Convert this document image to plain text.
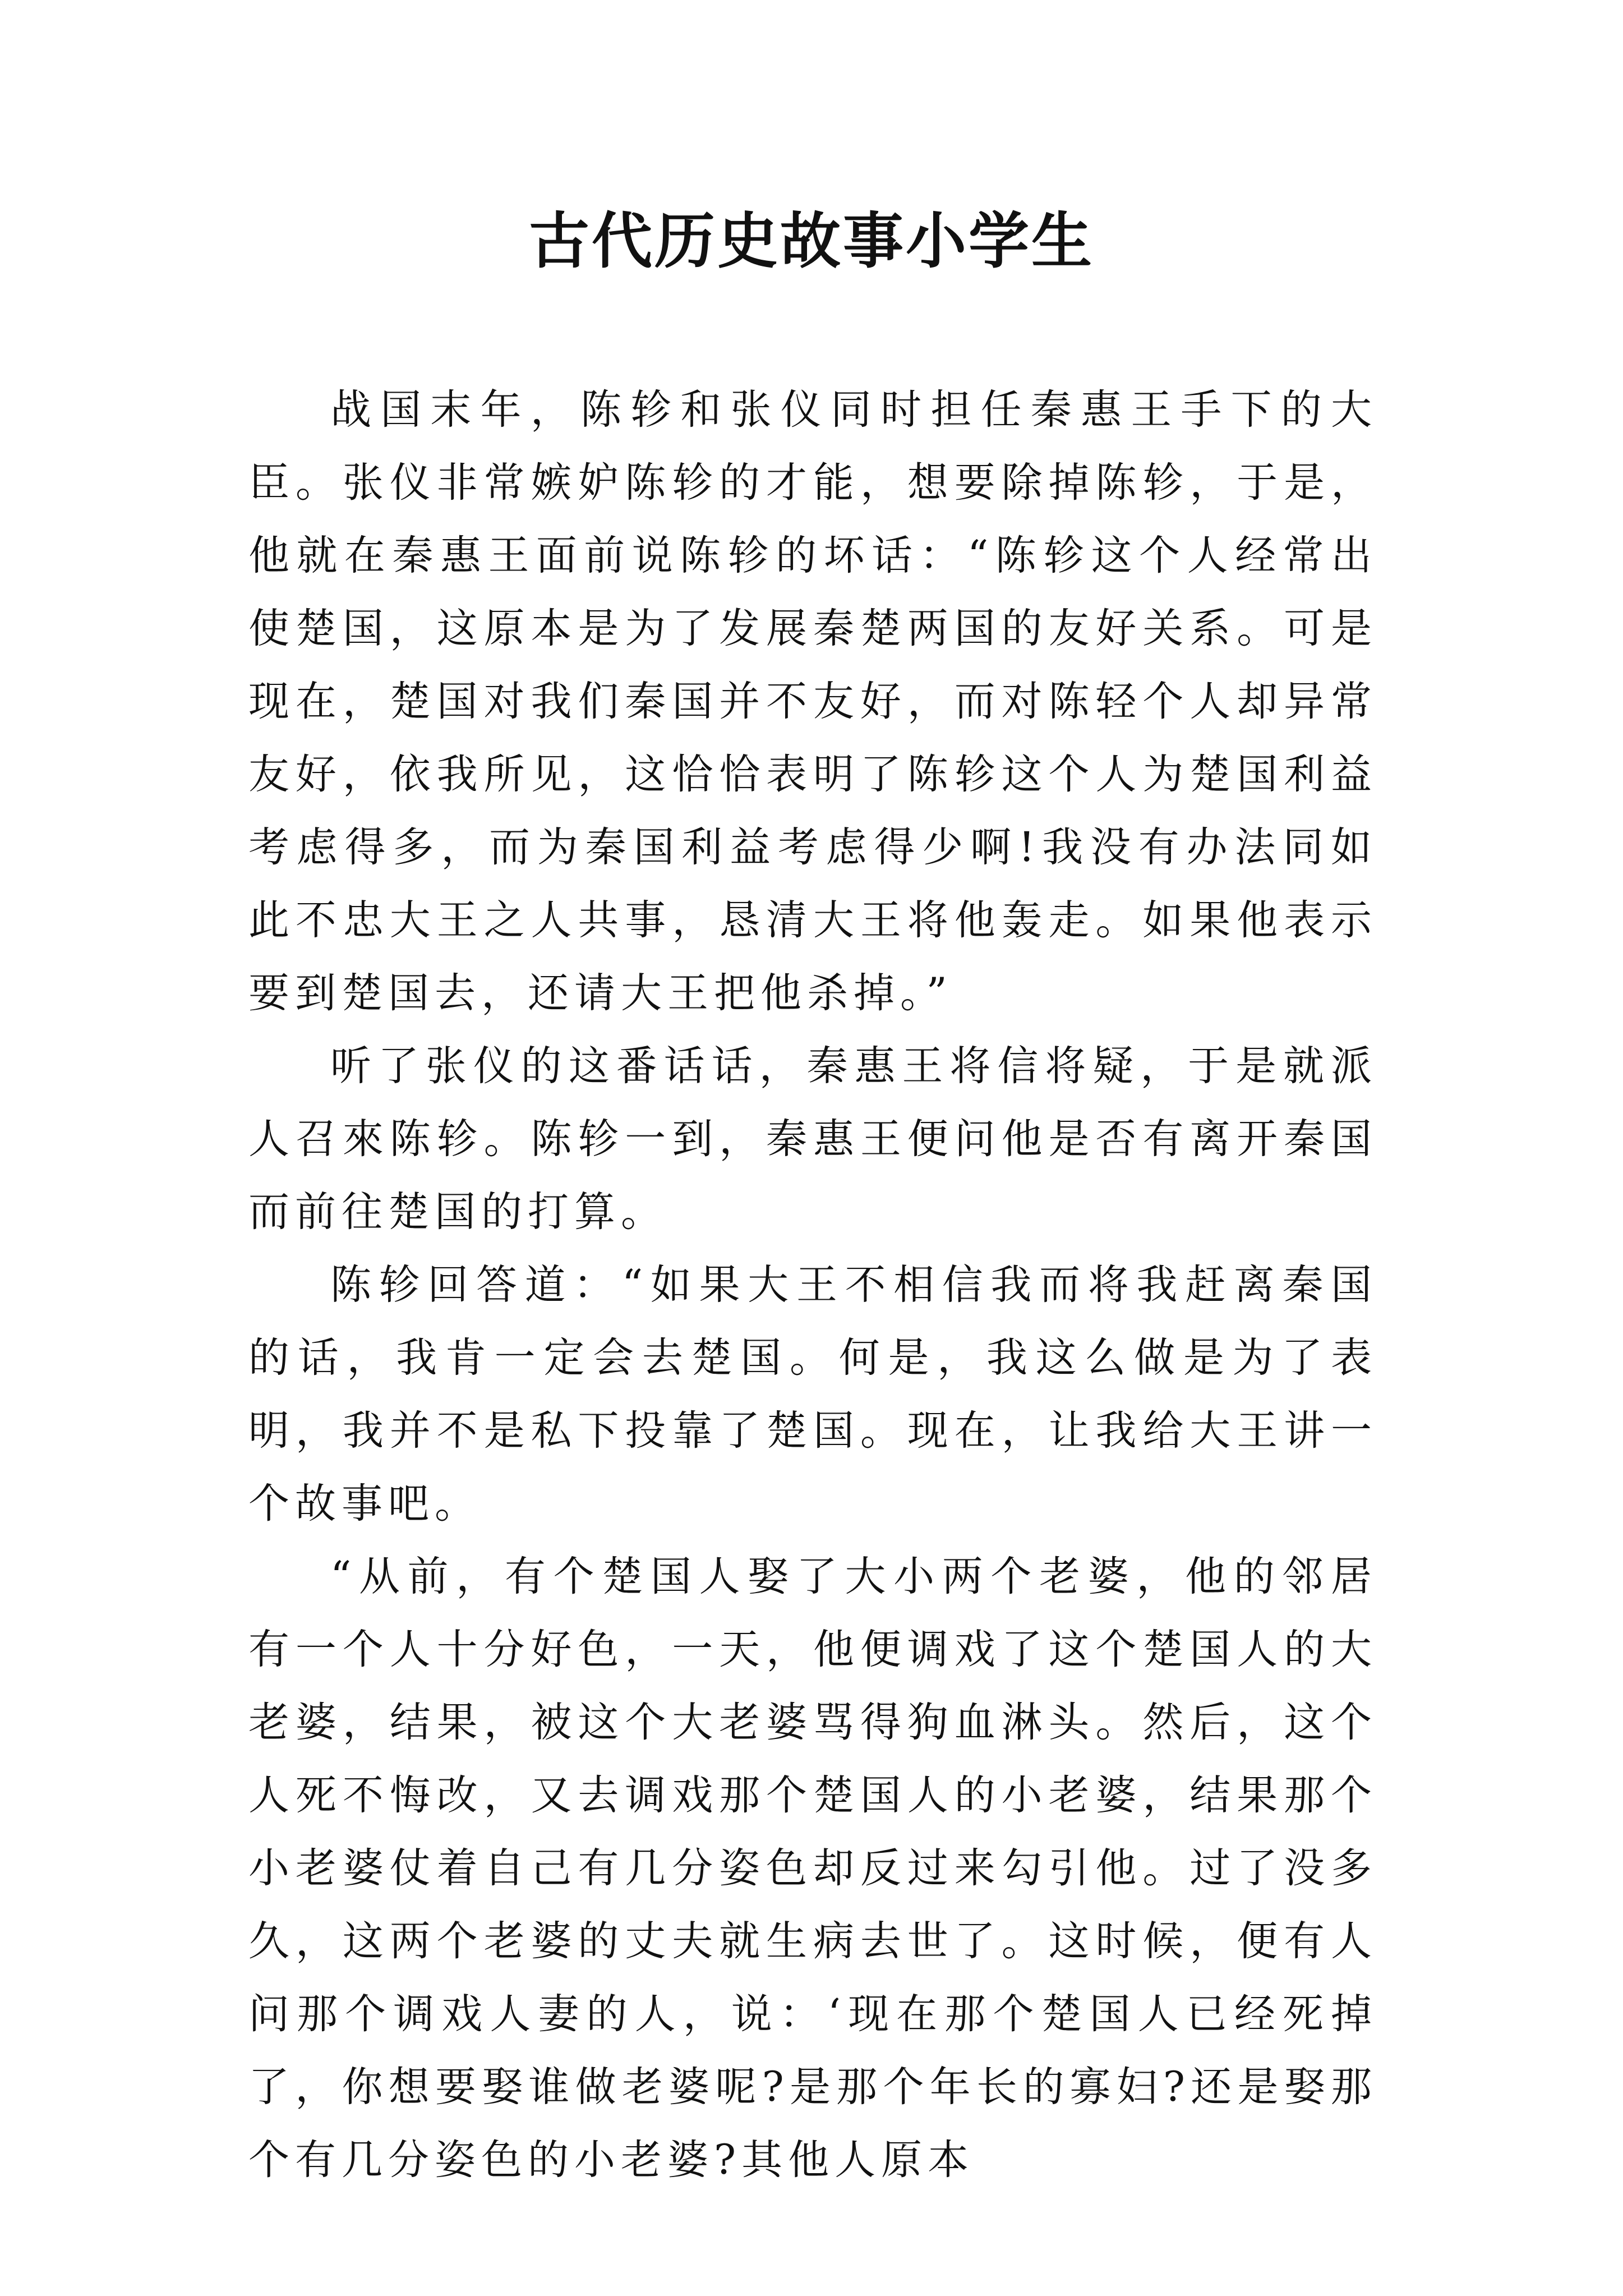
古代历史故事小学生

战国末年，陈轸和张仪同时担任秦惠王手下的大臣。张仪非常嫉妒陈轸的才能，想要除掉陈轸，于是，他就在秦惠王面前说陈轸的坏话：“陈轸这个人经常出使楚国，这原本是为了发展秦楚两国的友好关系。可是现在，楚国对我们秦国并不友好，而对陈轻个人却异常友好，依我所见，这恰恰表明了陈轸这个人为楚国利益考虑得多，而为秦国利益考虑得少啊!我没有办法同如此不忠大王之人共事，恳清大王将他轰走。如果他表示要到楚国去，还请大王把他杀掉。”

听了张仪的这番话话，秦惠王将信将疑，于是就派人召來陈轸。陈轸一到，秦惠王便问他是否有离开秦国而前往楚国的打算。

陈轸回答道：“如果大王不相信我而将我赶离秦国的话，我肯一定会去楚国。何是，我这么做是为了表明，我并不是私下投靠了楚国。现在，让我给大王讲一个故事吧。

“从前，有个楚国人娶了大小两个老婆，他的邻居有一个人十分好色，一天，他便调戏了这个楚国人的大老婆，结果，被这个大老婆骂得狗血淋头。然后，这个人死不悔改，又去调戏那个楚国人的小老婆，结果那个小老婆仗着自己有几分姿色却反过来勾引他。过了没多久，这两个老婆的丈夫就生病去世了。这时候，便有人问那个调戏人妻的人，说：‘现在那个楚国人已经死掉了，你想要娶谁做老婆呢?是那个年长的寡妇?还是娶那个有几分姿色的小老婆?其他人原本
